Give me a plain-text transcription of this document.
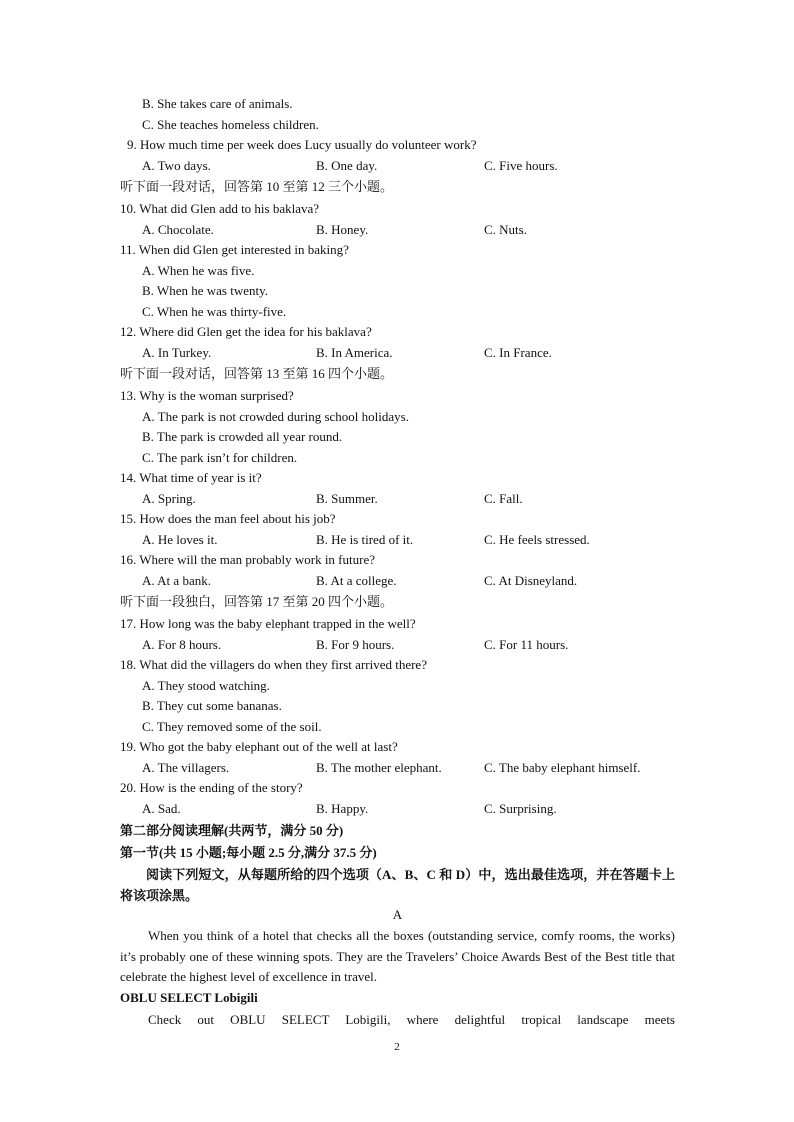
B. She takes care of animals.
C. She teaches homeless children.
9. How much time per week does Lucy usually do volunteer work?
A. Two days.	B. One day.	C. Five hours.
听下面一段对话，回答第 10 至第 12 三个小题。
10. What did Glen add to his baklava?
A. Chocolate.	B. Honey.	C. Nuts.
11. When did Glen get interested in baking?
A. When he was five.
B. When he was twenty.
C. When he was thirty-five.
12. Where did Glen get the idea for his baklava?
A. In Turkey.	B. In America.	C. In France.
听下面一段对话，回答第 13 至第 16 四个小题。
13. Why is the woman surprised?
A. The park is not crowded during school holidays.
B. The park is crowded all year round.
C. The park isn’t for children.
14. What time of year is it?
A. Spring.	B. Summer.	C. Fall.
15. How does the man feel about his job?
A. He loves it.	B. He is tired of it.	C. He feels stressed.
16. Where will the man probably work in future?
A. At a bank.	B. At a college.	C. At Disneyland.
听下面一段独白，回答第 17 至第 20 四个小题。
17. How long was the baby elephant trapped in the well?
A. For 8 hours.	B. For 9 hours.	C. For 11 hours.
18. What did the villagers do when they first arrived there?
A. They stood watching.
B. They cut some bananas.
C. They removed some of the soil.
19. Who got the baby elephant out of the well at last?
A. The villagers.	B. The mother elephant.	C. The baby elephant himself.
20. How is the ending of the story?
A. Sad.	B. Happy.	C. Surprising.
第二部分阅读理解(共两节，满分 50 分)
第一节(共 15 小题;每小题 2.5 分,满分 37.5 分)
阅读下列短文，从每题所给的四个选项（A、B、C 和 D）中，选出最佳选项，并在答题卡上将该项涂黑。
A
When you think of a hotel that checks all the boxes (outstanding service, comfy rooms, the works) it’s probably one of these winning spots. They are the Travelers’ Choice Awards Best of the Best title that celebrate the highest level of excellence in travel.
OBLU SELECT Lobigili
Check out OBLU SELECT Lobigili, where delightful tropical landscape meets
2
